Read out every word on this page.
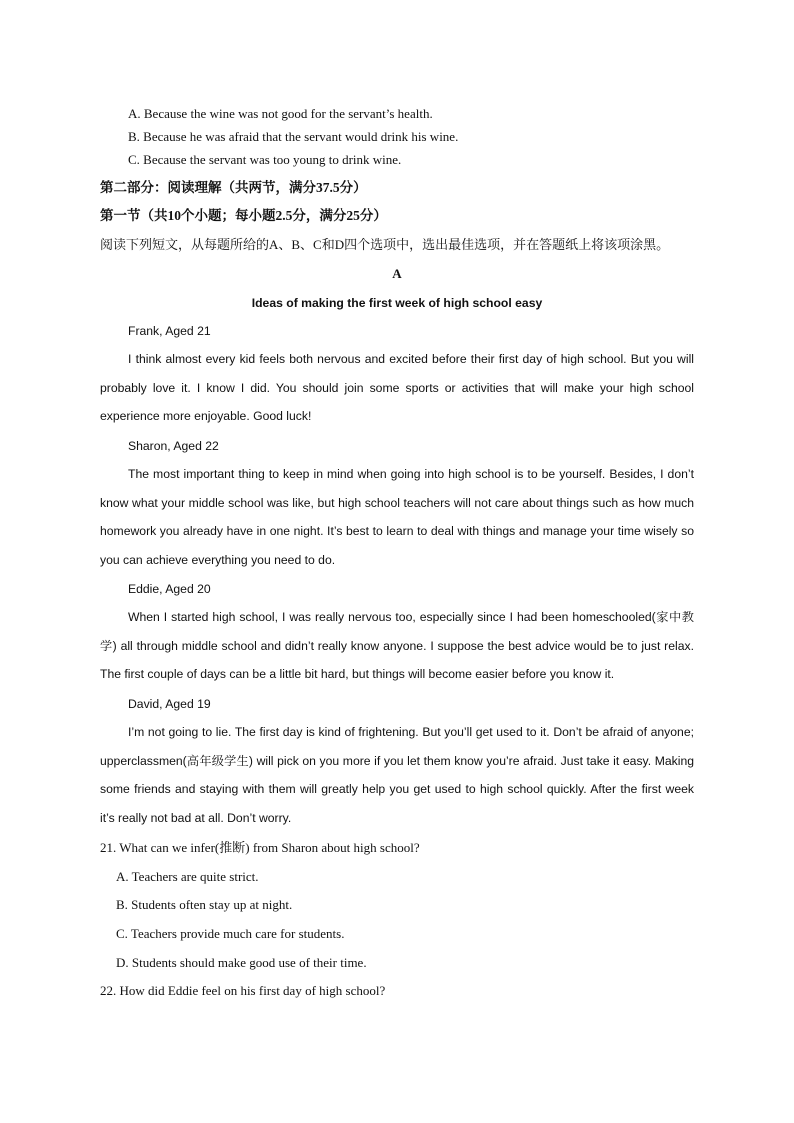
A. Because the wine was not good for the servant’s health.
B. Because he was afraid that the servant would drink his wine.
C. Because the servant was too young to drink wine.
第二部分：阅读理解（共两节，满分37.5分）
第一节（共10个小题；每小题2.5分，满分25分）
阅读下列短文，从每题所给的A、B、C和D四个选项中，选出最佳选项，并在答题纸上将该项涂黑。
A
Ideas of making the first week of high school easy
Frank, Aged 21
I think almost every kid feels both nervous and excited before their first day of high school. But you will probably love it. I know I did. You should join some sports or activities that will make your high school experience more enjoyable. Good luck!
Sharon, Aged 22
The most important thing to keep in mind when going into high school is to be yourself. Besides, I don’t know what your middle school was like, but high school teachers will not care about things such as how much homework you already have in one night. It’s best to learn to deal with things and manage your time wisely so you can achieve everything you need to do.
Eddie, Aged 20
When I started high school, I was really nervous too, especially since I had been homeschooled(家中教学) all through middle school and didn’t really know anyone. I suppose the best advice would be to just relax. The first couple of days can be a little bit hard, but things will become easier before you know it.
David, Aged 19
I’m not going to lie. The first day is kind of frightening. But you’ll get used to it. Don’t be afraid of anyone; upperclassmen(高年级学生) will pick on you more if you let them know you’re afraid. Just take it easy. Making some friends and staying with them will greatly help you get used to high school quickly. After the first week it’s really not bad at all. Don’t worry.
21. What can we infer(推断) from Sharon about high school?
A. Teachers are quite strict.
B. Students often stay up at night.
C. Teachers provide much care for students.
D. Students should make good use of their time.
22. How did Eddie feel on his first day of high school?
